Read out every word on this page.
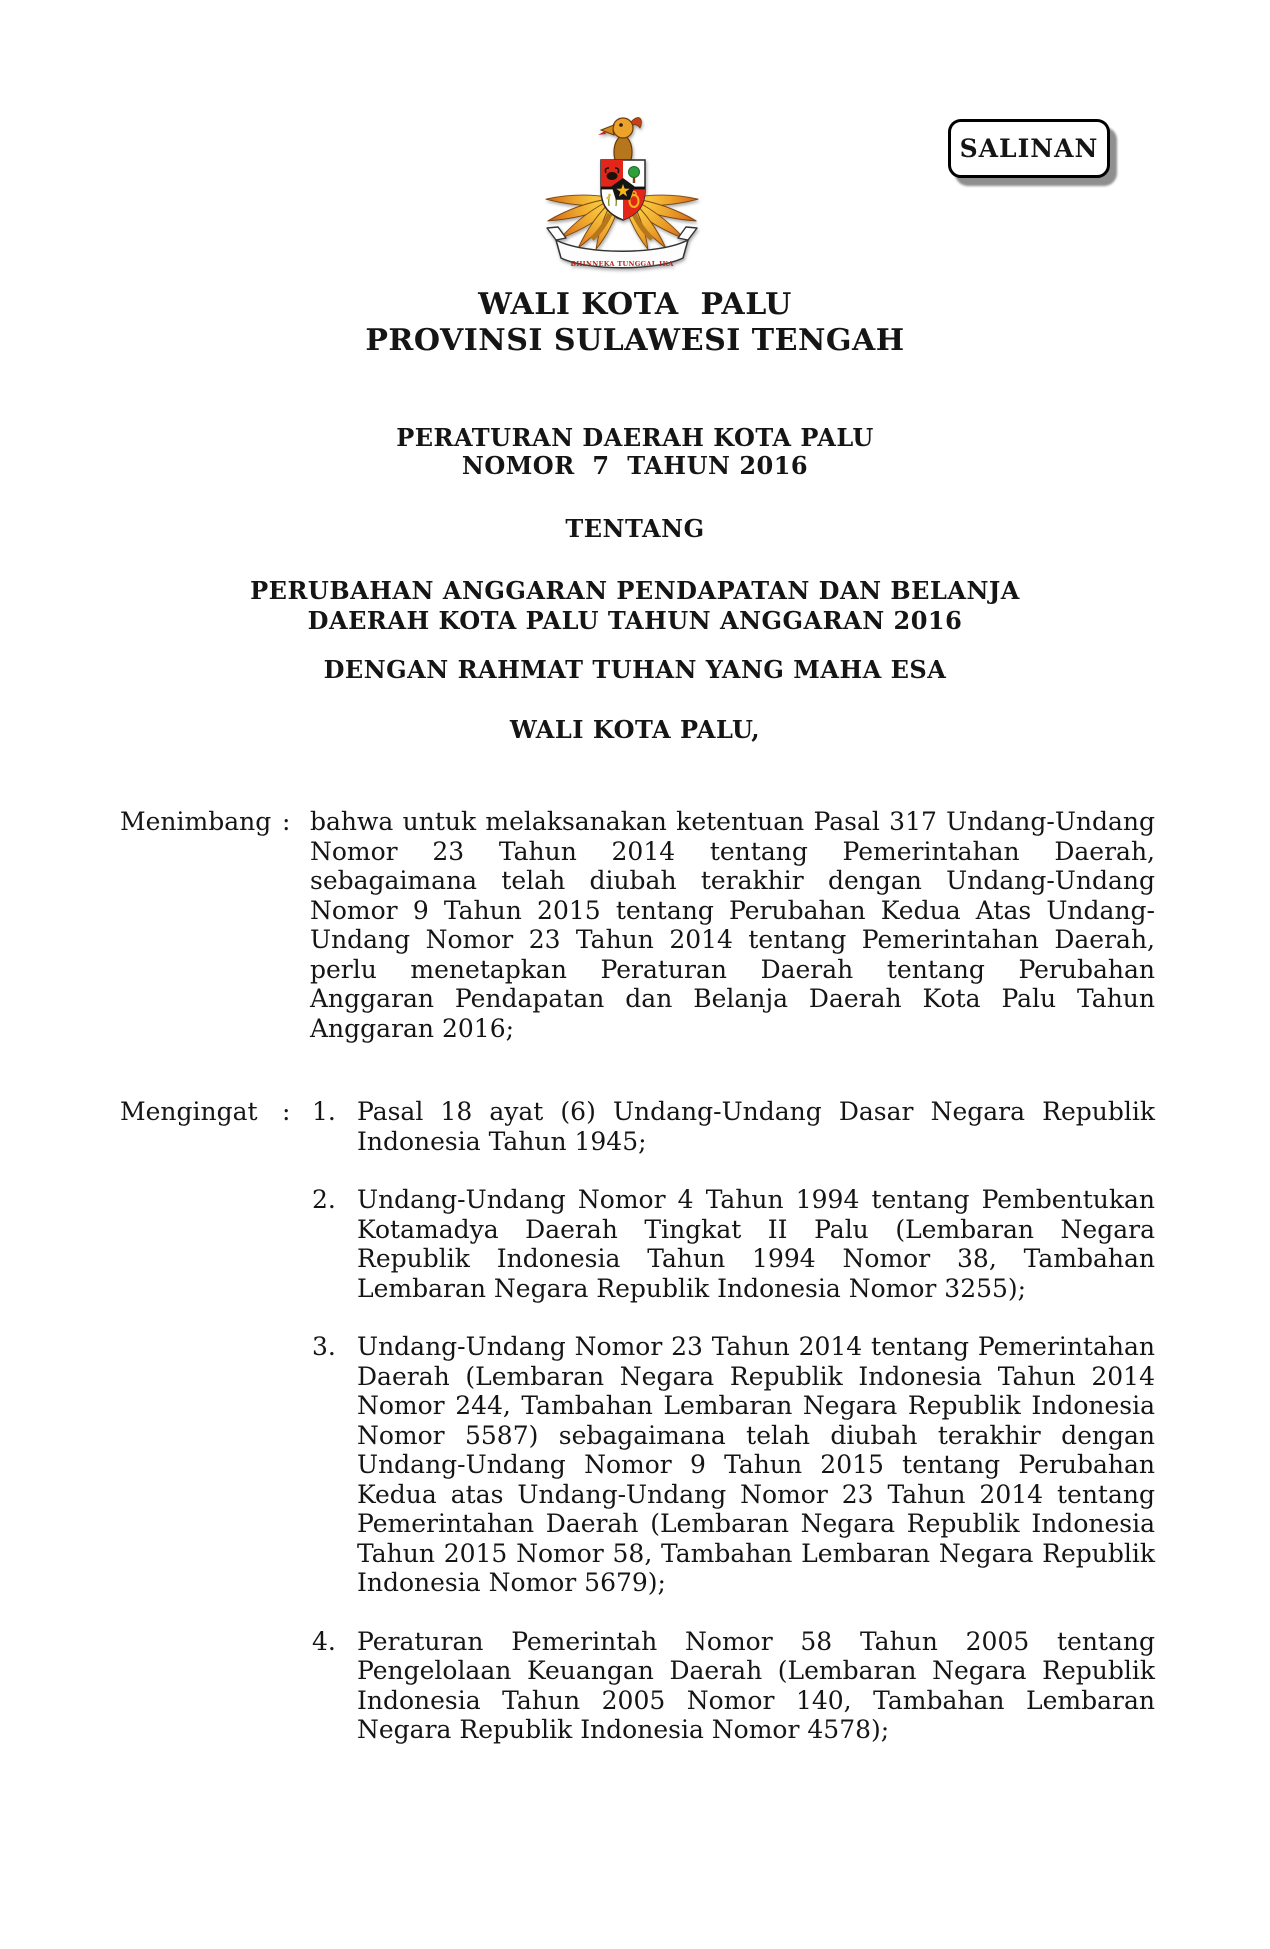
SALINAN
BHINNEKA TUNGGAL IKA
WALI KOTA  PALU
PROVINSI SULAWESI TENGAH
PERATURAN DAERAH KOTA PALU
NOMOR  7  TAHUN 2016
TENTANG
PERUBAHAN ANGGARAN PENDAPATAN DAN BELANJA
DAERAH KOTA PALU TAHUN ANGGARAN 2016
DENGAN RAHMAT TUHAN YANG MAHA ESA
WALI KOTA PALU,
Menimbang : bahwa untuk melaksanakan ketentuan Pasal 317 Undang-Undang Nomor 23 Tahun 2014 tentang Pemerintahan Daerah, sebagaimana telah diubah terakhir dengan Undang-Undang Nomor 9 Tahun 2015 tentang Perubahan Kedua Atas Undang-Undang Nomor 23 Tahun 2014 tentang Pemerintahan Daerah, perlu menetapkan Peraturan Daerah tentang Perubahan Anggaran Pendapatan dan Belanja Daerah Kota Palu Tahun Anggaran 2016;
Mengingat : 1. Pasal 18 ayat (6) Undang-Undang Dasar Negara Republik Indonesia Tahun 1945;
2. Undang-Undang Nomor 4 Tahun 1994 tentang Pembentukan Kotamadya Daerah Tingkat II Palu (Lembaran Negara Republik Indonesia Tahun 1994 Nomor 38, Tambahan Lembaran Negara Republik Indonesia Nomor 3255);
3. Undang-Undang Nomor 23 Tahun 2014 tentang Pemerintahan Daerah (Lembaran Negara Republik Indonesia Tahun 2014 Nomor 244, Tambahan Lembaran Negara Republik Indonesia Nomor 5587) sebagaimana telah diubah terakhir dengan Undang-Undang Nomor 9 Tahun 2015 tentang Perubahan Kedua atas Undang-Undang Nomor 23 Tahun 2014 tentang Pemerintahan Daerah (Lembaran Negara Republik Indonesia Tahun 2015 Nomor 58, Tambahan Lembaran Negara Republik Indonesia Nomor 5679);
4. Peraturan Pemerintah Nomor 58 Tahun 2005 tentang Pengelolaan Keuangan Daerah (Lembaran Negara Republik Indonesia Tahun 2005 Nomor 140, Tambahan Lembaran Negara Republik Indonesia Nomor 4578);
